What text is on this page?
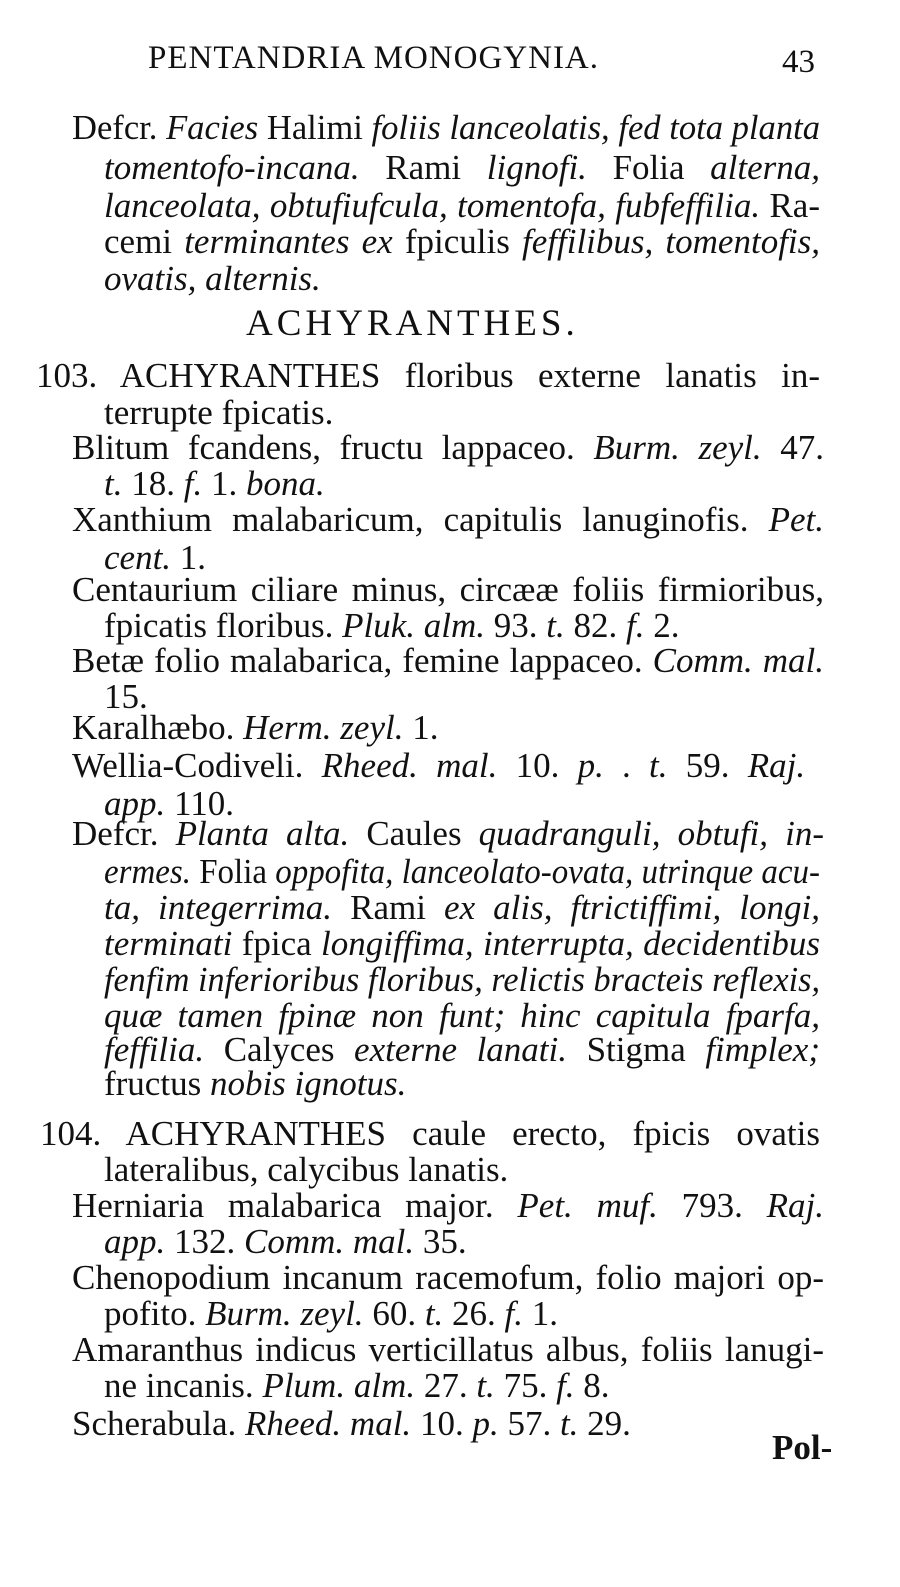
PENTANDRIA MONOGYNIA.	43
Defcr. Facies Halimi foliis lanceolatis, fed tota planta
tomentofo-incana. Rami lignofi. Folia alterna,
lanceolata, obtufiufcula, tomentofa, fubfeffilia. Ra-
cemi terminantes ex fpiculis feffilibus, tomentofis,
ovatis, alternis.
ACHYRANTHES.
103. ACHYRANTHES floribus externe lanatis in-
terrupte fpicatis.
Blitum fcandens, fructu lappaceo. Burm. zeyl. 47.
t. 18. f. 1. bona.
Xanthium malabaricum, capitulis lanuginofis. Pet.
cent. 1.
Centaurium ciliare minus, circææ foliis firmioribus,
fpicatis floribus. Pluk. alm. 93. t. 82. f. 2.
Betæ folio malabarica, femine lappaceo. Comm. mal.
15.
Karalhæbo. Herm. zeyl. 1.
Wellia-Codiveli. Rheed. mal. 10. p. . t. 59. Raj.
app. 110.
Defcr. Planta alta. Caules quadranguli, obtufi, in-
ermes. Folia oppofita, lanceolato-ovata, utrinque acu-
ta, integerrima. Rami ex alis, ftrictiffimi, longi,
terminati fpica longiffima, interrupta, decidentibus
fenfim inferioribus floribus, relictis bracteis reflexis,
quæ tamen fpinæ non funt; hinc capitula fparfa,
feffilia. Calyces externe lanati. Stigma fimplex;
fructus nobis ignotus.
104. ACHYRANTHES caule erecto, fpicis ovatis
lateralibus, calycibus lanatis.
Herniaria malabarica major. Pet. muf. 793. Raj.
app. 132. Comm. mal. 35.
Chenopodium incanum racemofum, folio majori op-
pofito. Burm. zeyl. 60. t. 26. f. 1.
Amaranthus indicus verticillatus albus, foliis lanugi-
ne incanis. Plum. alm. 27. t. 75. f. 8.
Scherabula. Rheed. mal. 10. p. 57. t. 29.
Pol-
